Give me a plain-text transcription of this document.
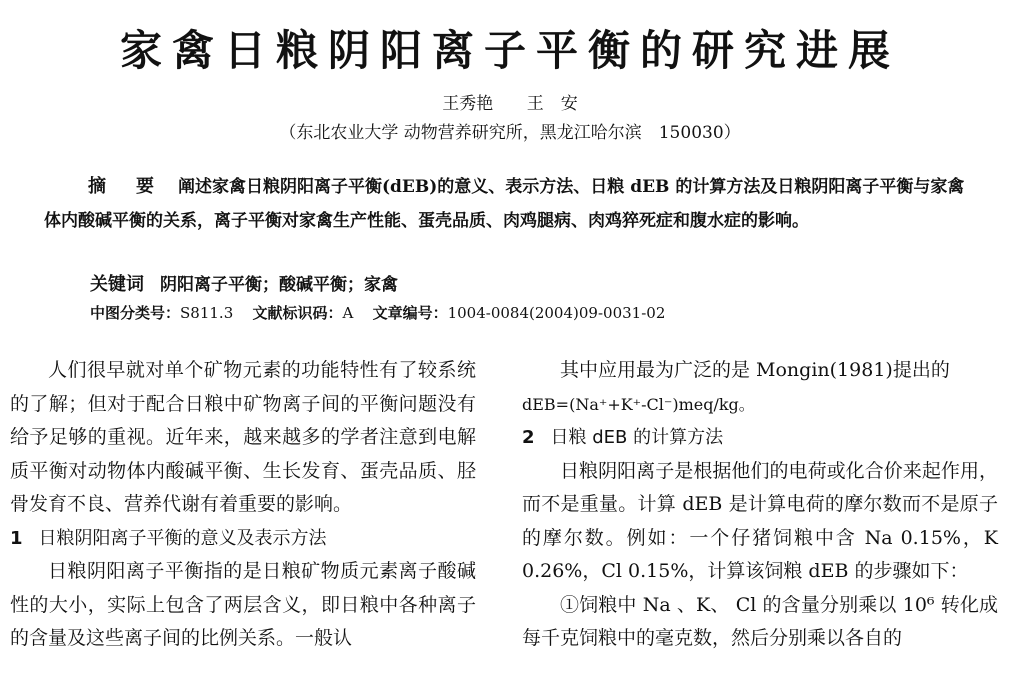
家禽日粮阴阳离子平衡的研究进展
王秀艳 王　安
（东北农业大学 动物营养研究所，黑龙江哈尔滨　150030）
摘　要 阐述家禽日粮阴阳离子平衡(dEB)的意义、表示方法、日粮 dEB 的计算方法及日粮阴阳离子平衡与家禽体内酸碱平衡的关系，离子平衡对家禽生产性能、蛋壳品质、肉鸡腿病、肉鸡猝死症和腹水症的影响。
关键词 阴阳离子平衡；酸碱平衡；家禽
中图分类号：S811.3 文献标识码：A 文章编号：1004-0084(2004)09-0031-02

人们很早就对单个矿物元素的功能特性有了较系统的了解；但对于配合日粮中矿物离子间的平衡问题没有给予足够的重视。近年来，越来越多的学者注意到电解质平衡对动物体内酸碱平衡、生长发育、蛋壳品质、胫骨发育不良、营养代谢有着重要的影响。

1 日粮阴阳离子平衡的意义及表示方法

日粮阴阳离子平衡指的是日粮矿物质元素离子酸碱性的大小，实际上包含了两层含义，即日粮中各种离子的含量及这些离子间的比例关系。一般认

其中应用最为广泛的是 Mongin(1981)提出的

dEB=(Na⁺+K⁺-Cl⁻)meq/kg。

2 日粮 dEB 的计算方法

日粮阴阳离子是根据他们的电荷或化合价来起作用，而不是重量。计算 dEB 是计算电荷的摩尔数而不是原子的摩尔数。例如：一个仔猪饲粮中含 Na 0.15%，K 0.26%，Cl 0.15%，计算该饲粮 dEB 的步骤如下：

①饲粮中 Na 、K、 Cl 的含量分别乘以 10⁶ 转化成每千克饲粮中的毫克数，然后分别乘以各自的
